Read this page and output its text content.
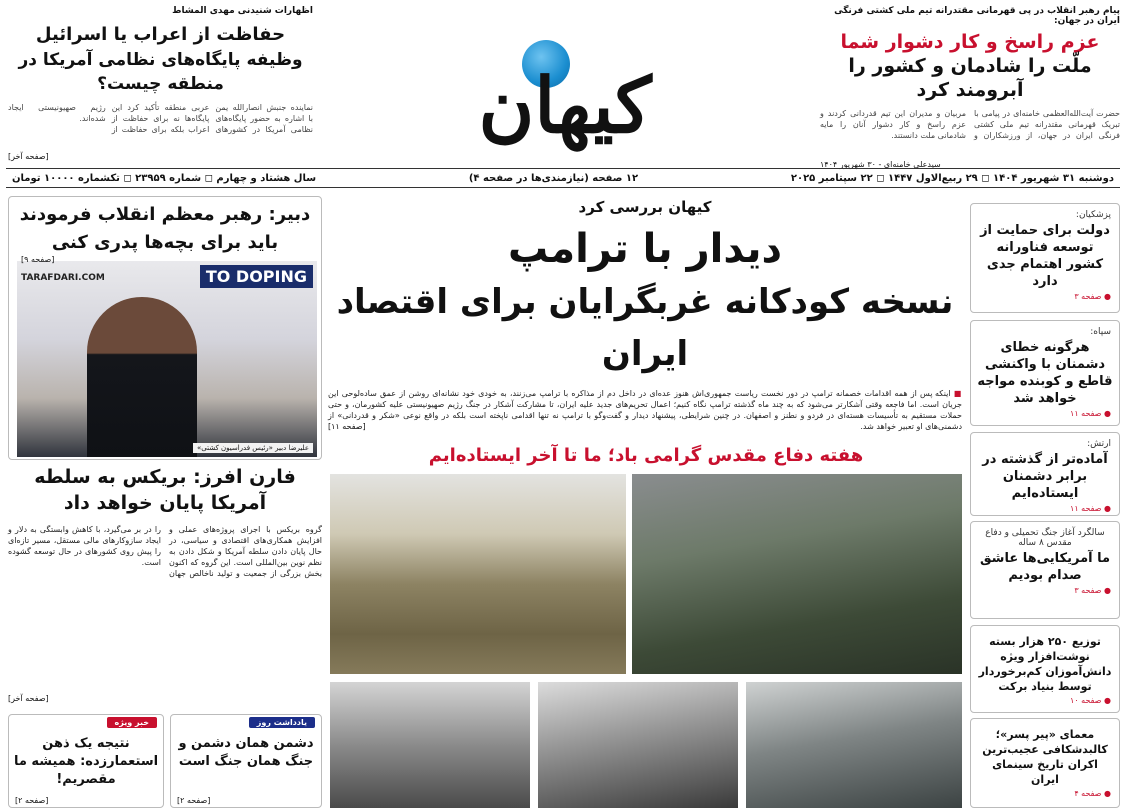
پیام رهبر انقلاب در پی قهرمانی مقتدرانه تیم ملی کشتی فرنگی ایران در جهان:
عزم راسخ و کار دشوار شما
ملّت را شادمان و کشور را آبرومند کرد
حضرت آیت‌الله‌العظمی خامنه‌ای در پیامی با تبریک قهرمانی مقتدرانه تیم ملی کشتی فرنگی ایران در جهان، از ورزشکاران و مربیان و مدیران این تیم قدردانی کردند و عزم راسخ و کار دشوار آنان را مایه شادمانی ملت دانستند.
سیدعلی خامنه‌ای - ۳۰ شهریور ۱۴۰۴
کیهان
اظهارات شنیدنی مهدی المشاط
حفاظت از اعراب یا اسرائیل
وظیفه پایگاه‌های نظامی آمریکا در منطقه چیست؟
نماینده جنبش انصارالله یمن با اشاره به حضور پایگاه‌های نظامی آمریکا در کشورهای عربی منطقه تأکید کرد این پایگاه‌ها نه برای حفاظت از اعراب بلکه برای حفاظت از رژیم صهیونیستی ایجاد شده‌اند.
[صفحه آخر]
دوشنبه ۳۱ شهریور ۱۴۰۴ ◻ ۲۹ ربیع‌الاول ۱۴۴۷ ◻ ۲۲ سپتامبر ۲۰۲۵
۱۲ صفحه (نیازمندی‌ها در صفحه ۴)
سال هشتاد و چهارم ◻ شماره ۲۳۹۵۹ ◻ تکشماره ۱۰۰۰۰ تومان
پزشکیان:
دولت برای حمایت از توسعه فناورانه کشور اهتمام جدی دارد
● صفحه ۳
سپاه:
هرگونه خطای دشمنان با واکنشی قاطع و کوبنده مواجه خواهد شد
● صفحه ۱۱
ارتش:
آماده‌تر از گذشته در برابر دشمنان ایستاده‌ایم
● صفحه ۱۱
سالگرد آغاز جنگ تحمیلی و دفاع مقدس ۸ ساله
ما آمریکایی‌ها عاشق صدام بودیم
● صفحه ۳
توزیع ۲۵۰ هزار بسته نوشت‌افزار ویژه دانش‌آموزان کم‌برخوردار توسط بنیاد برکت
● صفحه ۱۰
معمای «پیر پسر»؛ کالبدشکافی عجیب‌ترین اکران تاریخ سینمای ایران
● صفحه ۴
کیهان بررسی کرد
دیدار با ترامپ
نسخه کودکانه غربگرایان برای اقتصاد ایران
■ اینکه پس از همه اقدامات خصمانه ترامپ در دور نخست ریاست جمهوری‌اش هنوز عده‌ای در داخل دم از مذاکره با ترامپ می‌زنند، به خودی خود نشانه‌ای روشن از عمق ساده‌لوحی این جریان است. اما فاجعه وقتی آشکارتر می‌شود که به چند ماه گذشته ترامپ نگاه کنیم؛ اعمال تحریم‌های جدید علیه ایران، تا مشارکت آشکار در جنگ رژیم صهیونیستی علیه کشورمان، و حتی حملات مستقیم به تأسیسات هسته‌ای در فردو و نطنز و اصفهان. در چنین شرایطی، پیشنهاد دیدار و گفت‌وگو با ترامپ نه تنها اقدامی ناپخته است بلکه در واقع نوعی «شکر و قدردانی» از دشمنی‌های او تعبیر خواهد شد.
[صفحه ۱۱]
هفته دفاع مقدس گرامی باد؛ ما تا آخر ایستاده‌ایم
دبیر: رهبر معظم انقلاب فرمودند باید برای بچه‌ها پدری کنی
TO DOPING
TARAFDARI.COM
علیرضا دبیر «رئیس فدراسیون کشتی»
[صفحه ۹]
فارن افرز: بریکس به سلطه آمریکا پایان خواهد داد
گروه بریکس با اجرای پروژه‌های عملی و افزایش همکاری‌های اقتصادی و سیاسی، در حال پایان دادن سلطه آمریکا و شکل دادن به نظم نوین بین‌المللی است. این گروه که اکنون بخش بزرگی از جمعیت و تولید ناخالص جهان را در بر می‌گیرد، با کاهش وابستگی به دلار و ایجاد سازوکارهای مالی مستقل، مسیر تازه‌ای را پیش روی کشورهای در حال توسعه گشوده است.
[صفحه آخر]
یادداشت روز
دشمن همان دشمن و جنگ همان جنگ است
[صفحه ۲]
خبر ویژه
نتیجه یک ذهن استعمارزده: همیشه ما مقصریم!
[صفحه ۲]
